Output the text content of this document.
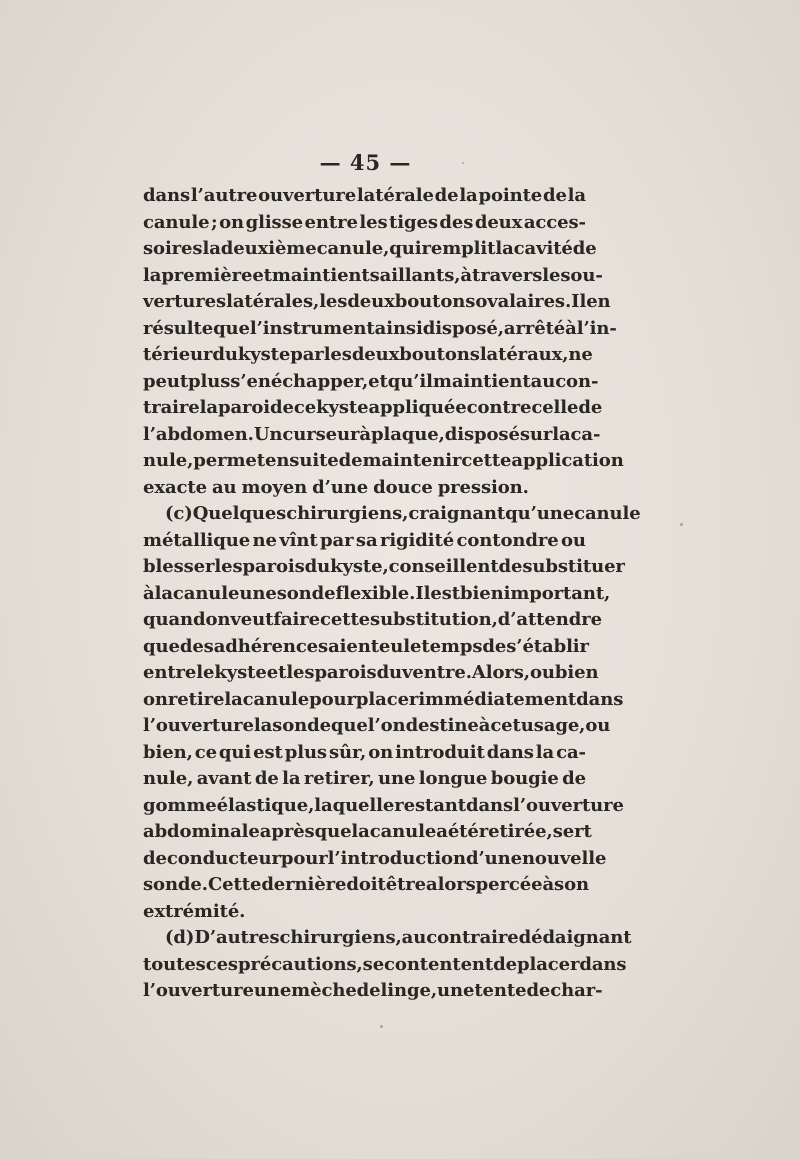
— 45 —
dans l’autre ouverture latérale de la pointe de la
canule ; on glisse entre les tiges des deux acces-
soires la deuxième canule, qui remplit la cavité de
la première et maintient saillants, à travers les ou-
vertures latérales, les deux boutons ovalaires. Il en
résulte que l’instrument ainsi disposé, arrêté à l’in-
térieur du kyste par les deux boutons latéraux, ne
peut plus s’en échapper, et qu’il maintient au con-
traire la paroi de ce kyste appliquée contre celle de
l’abdomen. Un curseur à plaque, disposé sur la ca-
nule, permet ensuite de maintenir cette application
exacte au moyen d’une douce pression.
(c) Quelques chirurgiens, craignant qu’une canule
métallique ne vînt par sa rigidité contondre ou
blesser les parois du kyste, conseillent de substituer
à la canule une sonde flexible. Il est bien important,
quand on veut faire cette substitution, d’attendre
que des adhérences aient eu le temps de s’établir
entre le kyste et les parois du ventre. Alors, ou bien
on retire la canule pour placer immédiatement dans
l’ouverture la sonde que l’on destine à cet usage, ou
bien, ce qui est plus sûr, on introduit dans la ca-
nule, avant de la retirer, une longue bougie de
gomme élastique, laquelle restant dans l’ouverture
abdominale après que la canule a été retirée, sert
de conducteur pour l’introduction d’une nouvelle
sonde. Cette dernière doit être alors percée à son
extrémité.
(d) D’autres chirurgiens, au contraire dédaignant
toutes ces précautions, se contentent de placer dans
l’ouverture une mèche de linge, une tente de char-
